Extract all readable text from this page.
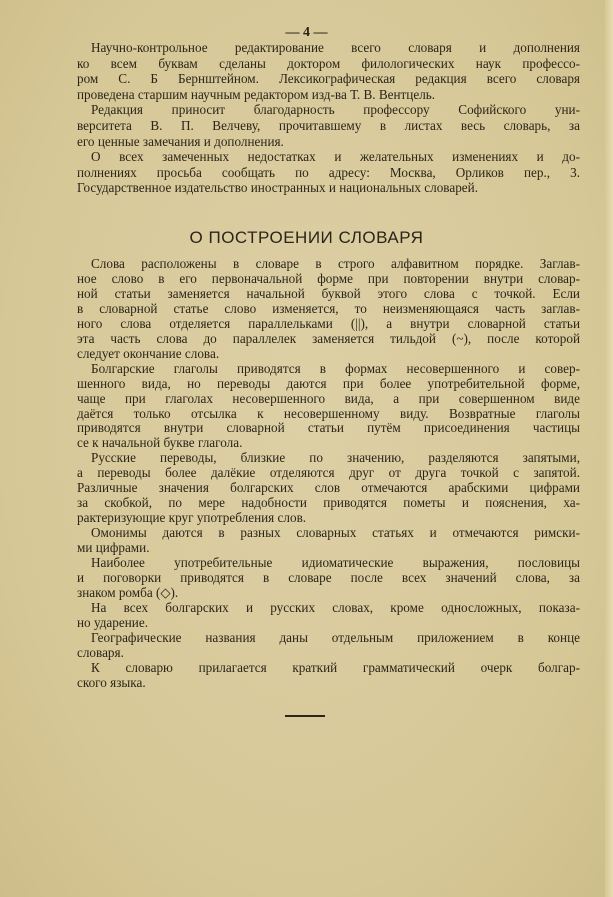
— 4 —
Научно-контрольное редактирование всего словаря и дополнения
ко всем буквам сделаны доктором филологических наук профессо-
ром С. Б Бернштейном. Лексикографическая редакция всего словаря
проведена старшим научным редактором изд-ва Т. В. Вентцель.
Редакция приносит благодарность профессору Софийского уни-
верситета В. П. Велчеву, прочитавшему в листах весь словарь, за
его ценные замечания и дополнения.
О всех замеченных недостатках и желательных изменениях и до-
полнениях просьба сообщать по адресу: Москва, Орликов пер., 3.
Государственное издательство иностранных и национальных словарей.
О ПОСТРОЕНИИ СЛОВАРЯ
Слова расположены в словаре в строго алфавитном порядке. Заглав-
ное слово в его первоначальной форме при повторении внутри словар-
ной статьи заменяется начальной буквой этого слова с точкой. Если
в словарной статье слово изменяется, то неизменяющаяся часть заглав-
ного слова отделяется параллельками (||), а внутри словарной статьи
эта часть слова до параллелек заменяется тильдой (~), после которой
следует окончание слова.
Болгарские глаголы приводятся в формах несовершенного и совер-
шенного вида, но переводы даются при более употребительной форме,
чаще при глаголах несовершенного вида, а при совершенном виде
даётся только отсылка к несовершенному виду. Возвратные глаголы
приводятся внутри словарной статьи путём присоединения частицы
се к начальной букве глагола.
Русские переводы, близкие по значению, разделяются запятыми,
а переводы более далёкие отделяются друг от друга точкой с запятой.
Различные значения болгарских слов отмечаются арабскими цифрами
за скобкой, по мере надобности приводятся пометы и пояснения, ха-
рактеризующие круг употребления слов.
Омонимы даются в разных словарных статьях и отмечаются римски-
ми цифрами.
Наиболее употребительные идиоматические выражения, пословицы
и поговорки приводятся в словаре после всех значений слова, за
знаком ромба (◇).
На всех болгарских и русских словах, кроме односложных, показа-
но ударение.
Географические названия даны отдельным приложением в конце
словаря.
К словарю прилагается краткий грамматический очерк болгар-
ского языка.
